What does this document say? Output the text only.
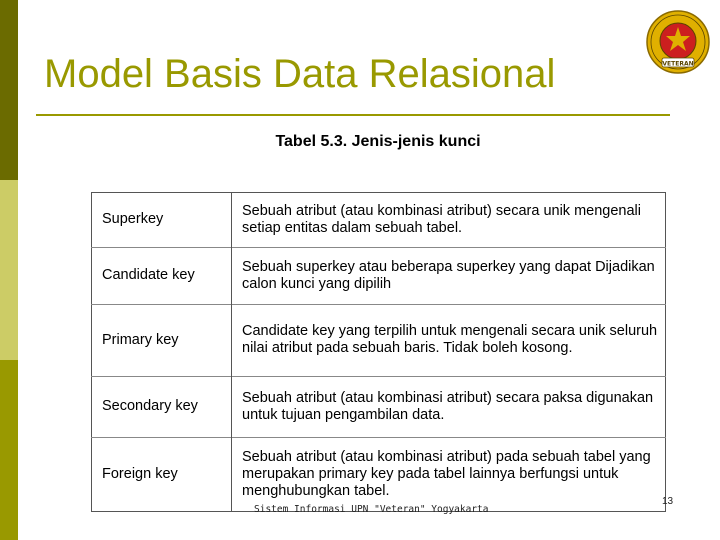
Model Basis Data Relasional	VETERAN
Tabel 5.3. Jenis-jenis kunci
Superkey	Sebuah atribut (atau kombinasi atribut) secara unik mengenali setiap entitas dalam sebuah tabel.
Candidate key	Sebuah superkey atau beberapa superkey yang dapat Dijadikan calon kunci yang dipilih
Primary key	Candidate key yang terpilih untuk mengenali secara unik seluruh nilai atribut pada sebuah baris. Tidak boleh kosong.
Secondary key	Sebuah atribut (atau kombinasi atribut) secara paksa digunakan untuk tujuan pengambilan data.
Foreign key	Sebuah atribut (atau kombinasi atribut) pada sebuah tabel yang merupakan primary key pada tabel lainnya berfungsi untuk menghubungkan tabel.
Sistem Informasi UPN "Veteran" Yogyakarta
13
